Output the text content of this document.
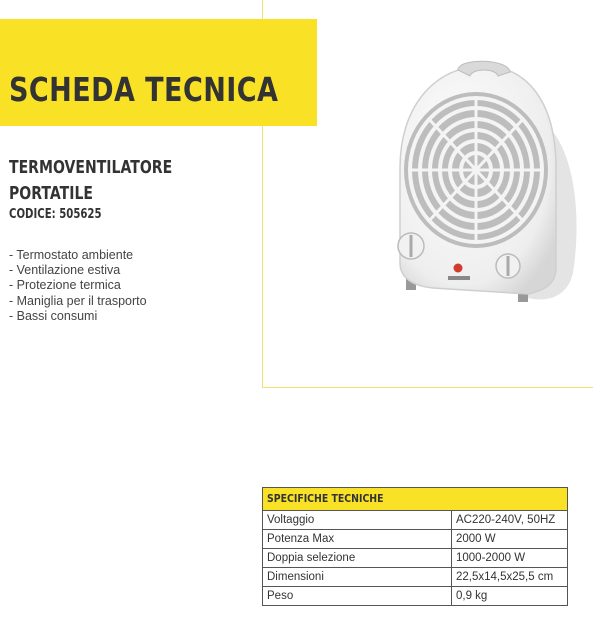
SCHEDA TECNICA
TERMOVENTILATORE
PORTATILE
CODICE: 505625
- Termostato ambiente
- Ventilazione estiva
- Protezione termica
- Maniglia per il trasporto
- Bassi consumi
SPECIFICHE TECNICHE	
Voltaggio	AC220-240V, 50HZ
Potenza Max	2000 W
Doppia selezione	1000-2000 W
Dimensioni	22,5x14,5x25,5 cm
Peso	0,9 kg
